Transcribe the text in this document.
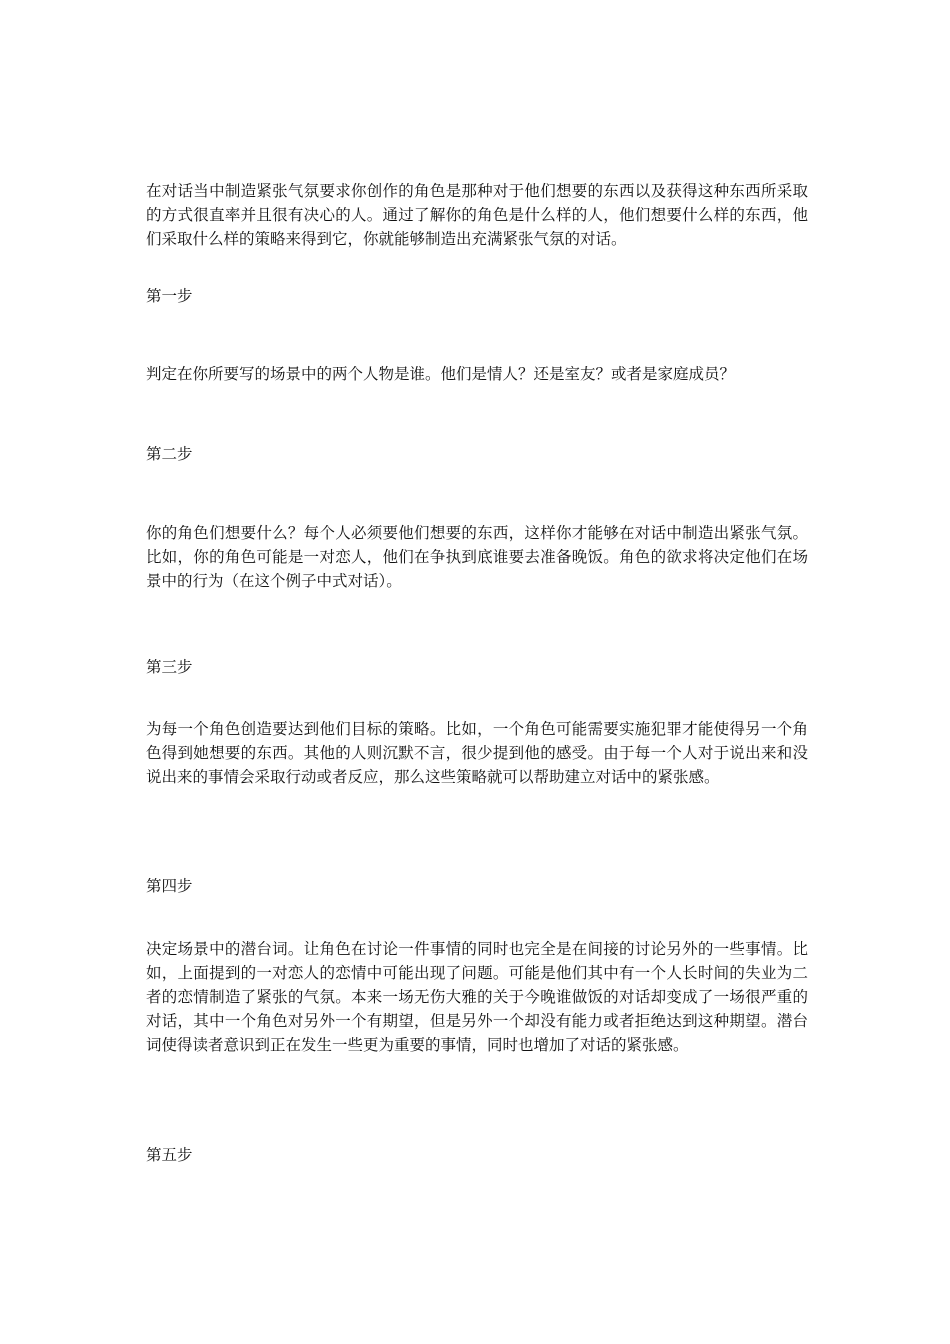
在对话当中制造紧张气氛要求你创作的角色是那种对于他们想要的东西以及获得这种东西所采取的方式很直率并且很有决心的人。通过了解你的角色是什么样的人，他们想要什么样的东西，他们采取什么样的策略来得到它，你就能够制造出充满紧张气氛的对话。

第一步

判定在你所要写的场景中的两个人物是谁。他们是情人？还是室友？或者是家庭成员？

第二步

你的角色们想要什么？每个人必须要他们想要的东西，这样你才能够在对话中制造出紧张气氛。比如，你的角色可能是一对恋人，他们在争执到底谁要去准备晚饭。角色的欲求将决定他们在场景中的行为（在这个例子中式对话）。

第三步

为每一个角色创造要达到他们目标的策略。比如，一个角色可能需要实施犯罪才能使得另一个角色得到她想要的东西。其他的人则沉默不言，很少提到他的感受。由于每一个人对于说出来和没说出来的事情会采取行动或者反应，那么这些策略就可以帮助建立对话中的紧张感。

第四步

决定场景中的潜台词。让角色在讨论一件事情的同时也完全是在间接的讨论另外的一些事情。比如，上面提到的一对恋人的恋情中可能出现了问题。可能是他们其中有一个人长时间的失业为二者的恋情制造了紧张的气氛。本来一场无伤大雅的关于今晚谁做饭的对话却变成了一场很严重的对话，其中一个角色对另外一个有期望，但是另外一个却没有能力或者拒绝达到这种期望。潜台词使得读者意识到正在发生一些更为重要的事情，同时也增加了对话的紧张感。

第五步
